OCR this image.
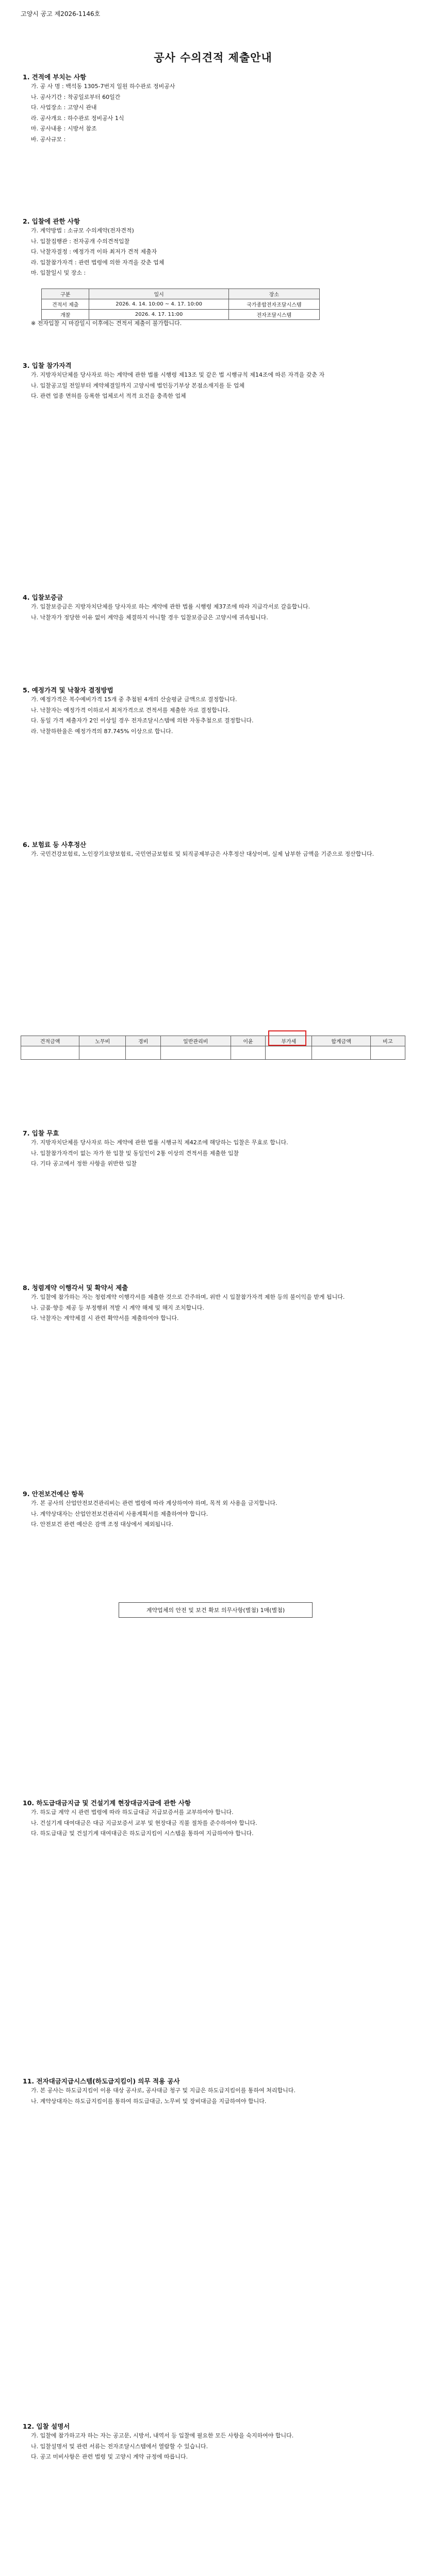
고양시 공고 제2026-1146호
공사 수의견적 제출안내
1. 견적에 부치는 사항
가. 공 사 명 : 백석동 1305-7번지 일원 하수관로 정비공사
나. 공사기간 : 착공일로부터 60일간
다. 사업장소 : 고양시 관내
라. 공사개요 : 하수관로 정비공사 1식
마. 공사내용 : 시방서 참조
바. 공사규모 :
2. 입찰에 관한 사항
가. 계약방법 : 소규모 수의계약(전자견적)
나. 입찰집행관 : 전자공개 수의견적입찰
다. 낙찰자결정 : 예정가격 이하 최저가 견적 제출자
라. 입찰참가자격 : 관련 법령에 의한 자격을 갖춘 업체
마. 입찰일시 및 장소 :
구분	일시	장소
견적서 제출	2026. 4. 14. 10:00 ~ 4. 17. 10:00	국가종합전자조달시스템
개찰	2026. 4. 17. 11:00	전자조달시스템
※ 전자입찰 시 마감일시 이후에는 견적서 제출이 불가합니다.
3. 입찰 참가자격
가. 지방자치단체를 당사자로 하는 계약에 관한 법률 시행령 제13조 및 같은 법 시행규칙 제14조에 따른 자격을 갖춘 자
나. 입찰공고일 전일부터 계약체결일까지 고양시에 법인등기부상 본점소재지를 둔 업체
다. 관련 업종 면허를 등록한 업체로서 적격 요건을 충족한 업체
4. 입찰보증금
가. 입찰보증금은 지방자치단체를 당사자로 하는 계약에 관한 법률 시행령 제37조에 따라 지급각서로 갈음합니다.
나. 낙찰자가 정당한 이유 없이 계약을 체결하지 아니할 경우 입찰보증금은 고양시에 귀속됩니다.
5. 예정가격 및 낙찰자 결정방법
가. 예정가격은 복수예비가격 15개 중 추첨된 4개의 산술평균 금액으로 결정합니다.
나. 낙찰자는 예정가격 이하로서 최저가격으로 견적서를 제출한 자로 결정합니다.
다. 동일 가격 제출자가 2인 이상일 경우 전자조달시스템에 의한 자동추첨으로 결정합니다.
라. 낙찰하한율은 예정가격의 87.745% 이상으로 합니다.
6. 보험료 등 사후정산
가. 국민건강보험료, 노인장기요양보험료, 국민연금보험료 및 퇴직공제부금은 사후정산 대상이며, 실제 납부한 금액을 기준으로 정산합니다.
견적금액	노무비	경비	일반관리비	이윤	부가세	합계금액	비고

7. 입찰 무효
가. 지방자치단체를 당사자로 하는 계약에 관한 법률 시행규칙 제42조에 해당하는 입찰은 무효로 합니다.
나. 입찰참가자격이 없는 자가 한 입찰 및 동일인이 2통 이상의 견적서를 제출한 입찰
다. 기타 공고에서 정한 사항을 위반한 입찰
8. 청렴계약 이행각서 및 확약서 제출
가. 입찰에 참가하는 자는 청렴계약 이행각서를 제출한 것으로 간주하며, 위반 시 입찰참가자격 제한 등의 불이익을 받게 됩니다.
나. 금품·향응 제공 등 부정행위 적발 시 계약 해제 및 해지 조치합니다.
다. 낙찰자는 계약체결 시 관련 확약서를 제출하여야 합니다.
9. 안전보건예산 항목
가. 본 공사의 산업안전보건관리비는 관련 법령에 따라 계상하여야 하며, 목적 외 사용을 금지합니다.
나. 계약상대자는 산업안전보건관리비 사용계획서를 제출하여야 합니다.
다. 안전보건 관련 예산은 감액 조정 대상에서 제외됩니다.
계약업체의 안전 및 보건 확보 의무사항(별첨) 1매(별첨)
10. 하도급대금지급 및 건설기계 현장대금지급에 관한 사항
가. 하도급 계약 시 관련 법령에 따라 하도급대금 지급보증서를 교부하여야 합니다.
나. 건설기계 대여대금은 대금 지급보증서 교부 및 현장대금 직불 절차를 준수하여야 합니다.
다. 하도급대금 및 건설기계 대여대금은 하도급지킴이 시스템을 통하여 지급하여야 합니다.
11. 전자대금지급시스템(하도급지킴이) 의무 적용 공사
가. 본 공사는 하도급지킴이 이용 대상 공사로, 공사대금 청구 및 지급은 하도급지킴이를 통하여 처리합니다.
나. 계약상대자는 하도급지킴이를 통하여 하도급대금, 노무비 및 장비대금을 지급하여야 합니다.
12. 입찰 설명서
가. 입찰에 참가하고자 하는 자는 공고문, 시방서, 내역서 등 입찰에 필요한 모든 사항을 숙지하여야 합니다.
나. 입찰설명서 및 관련 서류는 전자조달시스템에서 열람할 수 있습니다.
다. 공고 미비사항은 관련 법령 및 고양시 계약 규정에 따릅니다.
